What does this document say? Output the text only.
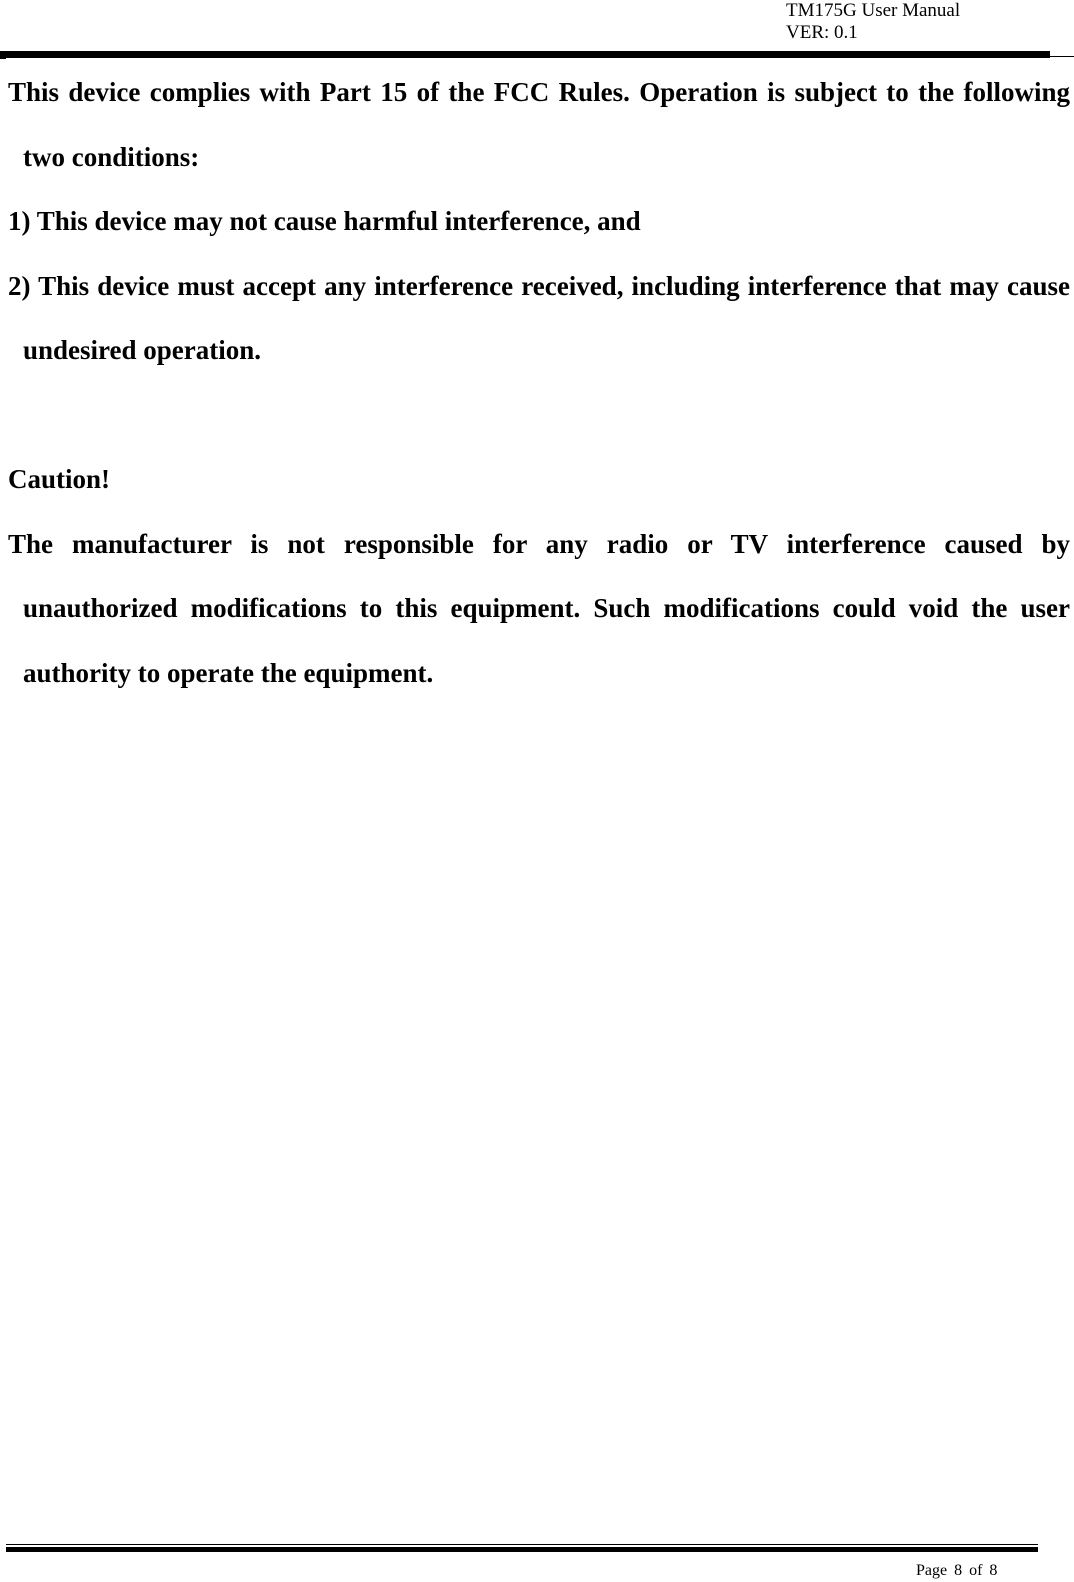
TM175G User Manual
VER: 0.1

This device complies with Part 15 of the FCC Rules. Operation is subject to the following two conditions:

1) This device may not cause harmful interference, and

2) This device must accept any interference received, including interference that may cause undesired operation.

Caution!

The manufacturer is not responsible for any radio or TV interference caused by unauthorized modifications to this equipment. Such modifications could void the user authority to operate the equipment.

Page 8 of 8
